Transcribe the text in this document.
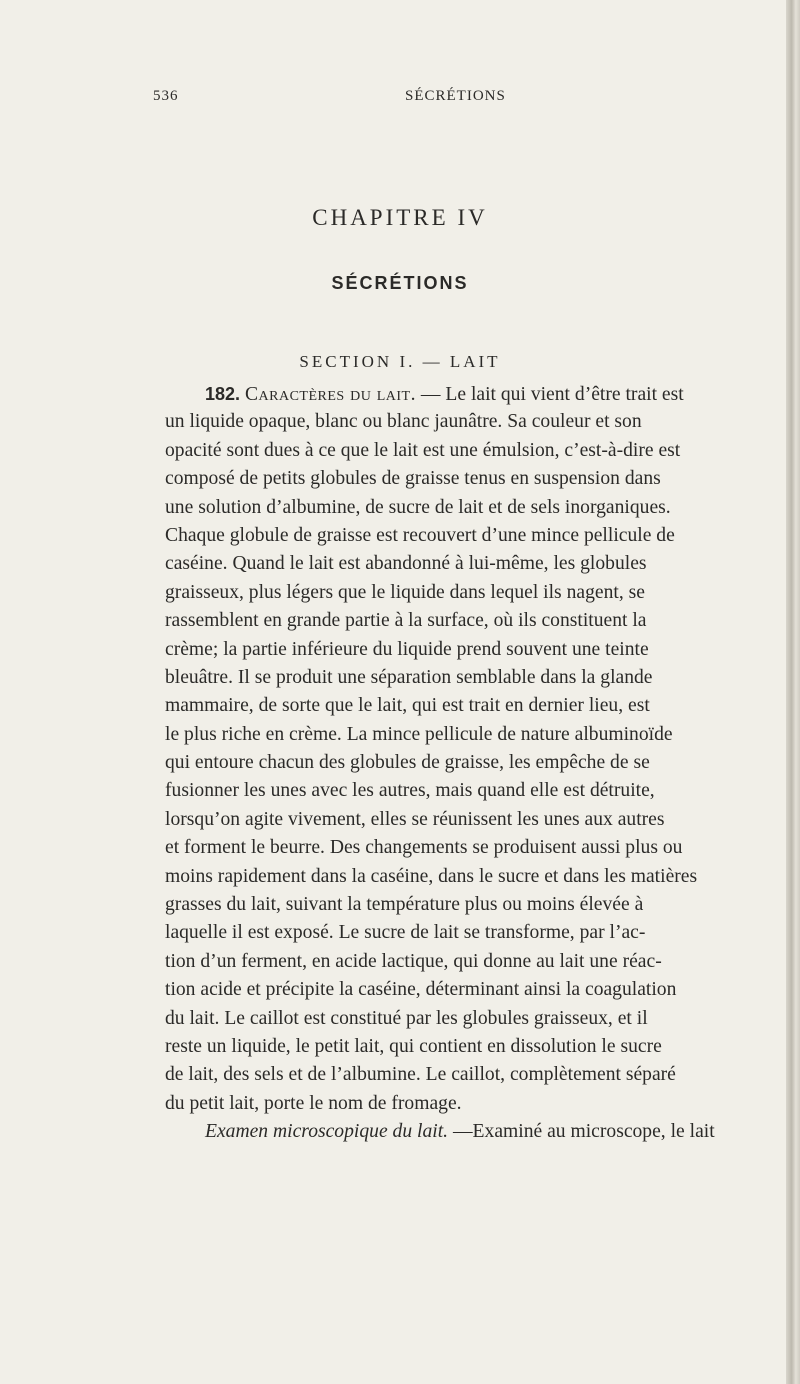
536	SÉCRÉTIONS
CHAPITRE IV
SÉCRÉTIONS
SECTION I. — LAIT
182. Caractères du lait. — Le lait qui vient d’être trait est
un liquide opaque, blanc ou blanc jaunâtre. Sa couleur et son
opacité sont dues à ce que le lait est une émulsion, c’est-à-dire est
composé de petits globules de graisse tenus en suspension dans
une solution d’albumine, de sucre de lait et de sels inorganiques.
Chaque globule de graisse est recouvert d’une mince pellicule de
caséine. Quand le lait est abandonné à lui-même, les globules
graisseux, plus légers que le liquide dans lequel ils nagent, se
rassemblent en grande partie à la surface, où ils constituent la
crème; la partie inférieure du liquide prend souvent une teinte
bleuâtre. Il se produit une séparation semblable dans la glande
mammaire, de sorte que le lait, qui est trait en dernier lieu, est
le plus riche en crème. La mince pellicule de nature albuminoïde
qui entoure chacun des globules de graisse, les empêche de se
fusionner les unes avec les autres, mais quand elle est détruite,
lorsqu’on agite vivement, elles se réunissent les unes aux autres
et forment le beurre. Des changements se produisent aussi plus ou
moins rapidement dans la caséine, dans le sucre et dans les matières
grasses du lait, suivant la température plus ou moins élevée à
laquelle il est exposé. Le sucre de lait se transforme, par l’ac-
tion d’un ferment, en acide lactique, qui donne au lait une réac-
tion acide et précipite la caséine, déterminant ainsi la coagulation
du lait. Le caillot est constitué par les globules graisseux, et il
reste un liquide, le petit lait, qui contient en dissolution le sucre
de lait, des sels et de l’albumine. Le caillot, complètement séparé
du petit lait, porte le nom de fromage.
Examen microscopique du lait. —Examiné au microscope, le lait
